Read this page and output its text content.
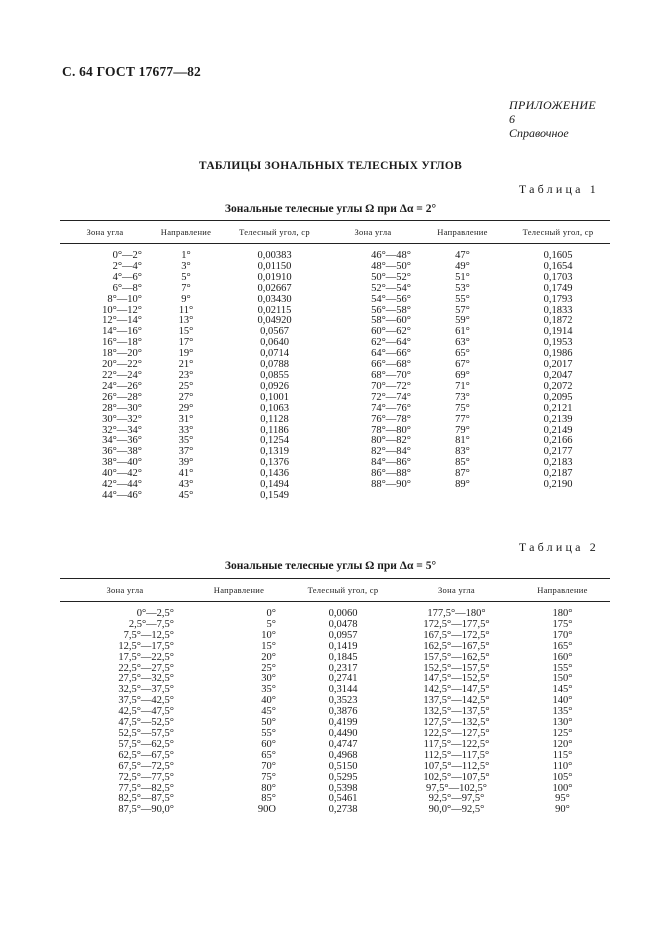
С. 64 ГОСТ 17677—82
ПРИЛОЖЕНИЕ 6
Справочное
ТАБЛИЦЫ ЗОНАЛЬНЫХ ТЕЛЕСНЫХ УГЛОВ
Таблица 1
Зональные телесные углы Ω при Δα = 2°
Зона угла	Направление	Телесный угол, ср	Зона угла	Направление	Телесный угол, ср
0°—2°	1°	0,00383	46°—48°	47°	0,1605
2°—4°	3°	0,01150	48°—50°	49°	0,1654
4°—6°	5°	0,01910	50°—52°	51°	0,1703
6°—8°	7°	0,02667	52°—54°	53°	0,1749
8°—10°	9°	0,03430	54°—56°	55°	0,1793
10°—12°	11°	0,02115	56°—58°	57°	0,1833
12°—14°	13°	0,04920	58°—60°	59°	0,1872
14°—16°	15°	0,0567	60°—62°	61°	0,1914
16°—18°	17°	0,0640	62°—64°	63°	0,1953
18°—20°	19°	0,0714	64°—66°	65°	0,1986
20°—22°	21°	0,0788	66°—68°	67°	0,2017
22°—24°	23°	0,0855	68°—70°	69°	0,2047
24°—26°	25°	0,0926	70°—72°	71°	0,2072
26°—28°	27°	0,1001	72°—74°	73°	0,2095
28°—30°	29°	0,1063	74°—76°	75°	0,2121
30°—32°	31°	0,1128	76°—78°	77°	0,2139
32°—34°	33°	0,1186	78°—80°	79°	0,2149
34°—36°	35°	0,1254	80°—82°	81°	0,2166
36°—38°	37°	0,1319	82°—84°	83°	0,2177
38°—40°	39°	0,1376	84°—86°	85°	0,2183
40°—42°	41°	0,1436	86°—88°	87°	0,2187
42°—44°	43°	0,1494	88°—90°	89°	0,2190
44°—46°	45°	0,1549			
Таблица 2
Зональные телесные углы Ω при Δα = 5°
Зона угла	Направление	Телесный угол, ср	Зона угла	Направление
0°—2,5°	0°	0,0060	177,5°—180°	180°
2,5°—7,5°	5°	0,0478	172,5°—177,5°	175°
7,5°—12,5°	10°	0,0957	167,5°—172,5°	170°
12,5°—17,5°	15°	0,1419	162,5°—167,5°	165°
17,5°—22,5°	20°	0,1845	157,5°—162,5°	160°
22,5°—27,5°	25°	0,2317	152,5°—157,5°	155°
27,5°—32,5°	30°	0,2741	147,5°—152,5°	150°
32,5°—37,5°	35°	0,3144	142,5°—147,5°	145°
37,5°—42,5°	40°	0,3523	137,5°—142,5°	140°
42,5°—47,5°	45°	0,3876	132,5°—137,5°	135°
47,5°—52,5°	50°	0,4199	127,5°—132,5°	130°
52,5°—57,5°	55°	0,4490	122,5°—127,5°	125°
57,5°—62,5°	60°	0,4747	117,5°—122,5°	120°
62,5°—67,5°	65°	0,4968	112,5°—117,5°	115°
67,5°—72,5°	70°	0,5150	107,5°—112,5°	110°
72,5°—77,5°	75°	0,5295	102,5°—107,5°	105°
77,5°—82,5°	80°	0,5398	97,5°—102,5°	100°
82,5°—87,5°	85°	0,5461	92,5°—97,5°	95°
87,5°—90,0°	90O	0,2738	90,0°—92,5°	90°
